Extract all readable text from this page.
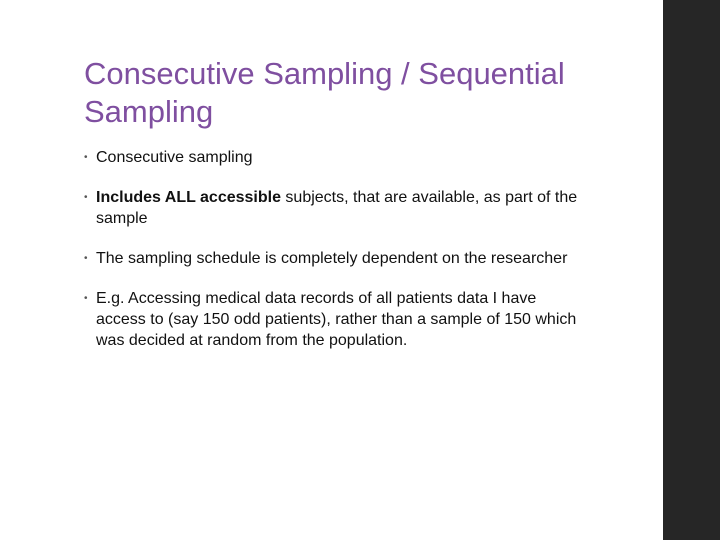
Consecutive Sampling / Sequential Sampling
• Consecutive sampling
• Includes ALL accessible subjects, that are available, as part of the sample
• The sampling schedule is completely dependent on the researcher
• E.g. Accessing medical data records of all patients data I have access to (say 150 odd patients), rather than a sample of 150 which was decided at random from the population.
